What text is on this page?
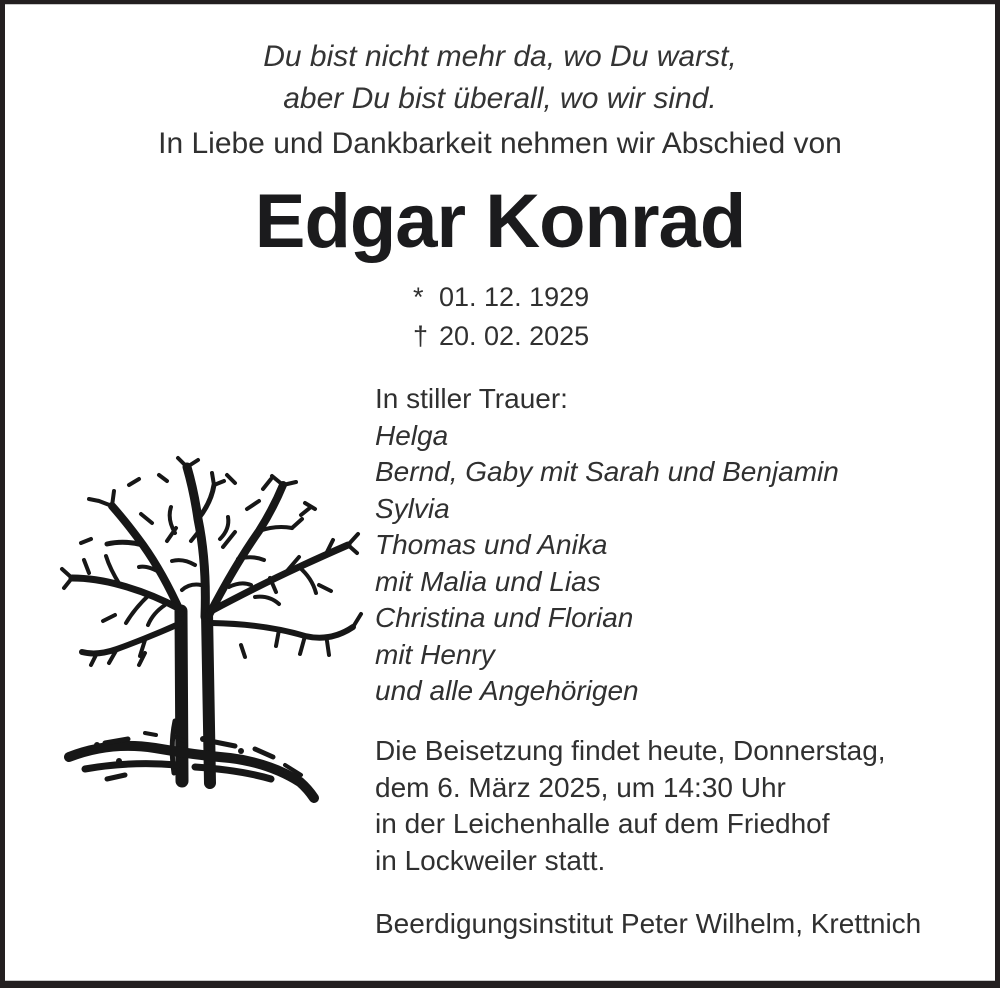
Du bist nicht mehr da, wo Du warst,
aber Du bist überall, wo wir sind.
In Liebe und Dankbarkeit nehmen wir Abschied von
Edgar Konrad
* 01. 12. 1929
† 20. 02. 2025
In stiller Trauer:
Helga
Bernd, Gaby mit Sarah und Benjamin
Sylvia
Thomas und Anika
mit Malia und Lias
Christina und Florian
mit Henry
und alle Angehörigen
Die Beisetzung findet heute, Donnerstag,
dem 6. März 2025, um 14:30 Uhr
in der Leichenhalle auf dem Friedhof
in Lockweiler statt.
Beerdigungsinstitut Peter Wilhelm, Krettnich
